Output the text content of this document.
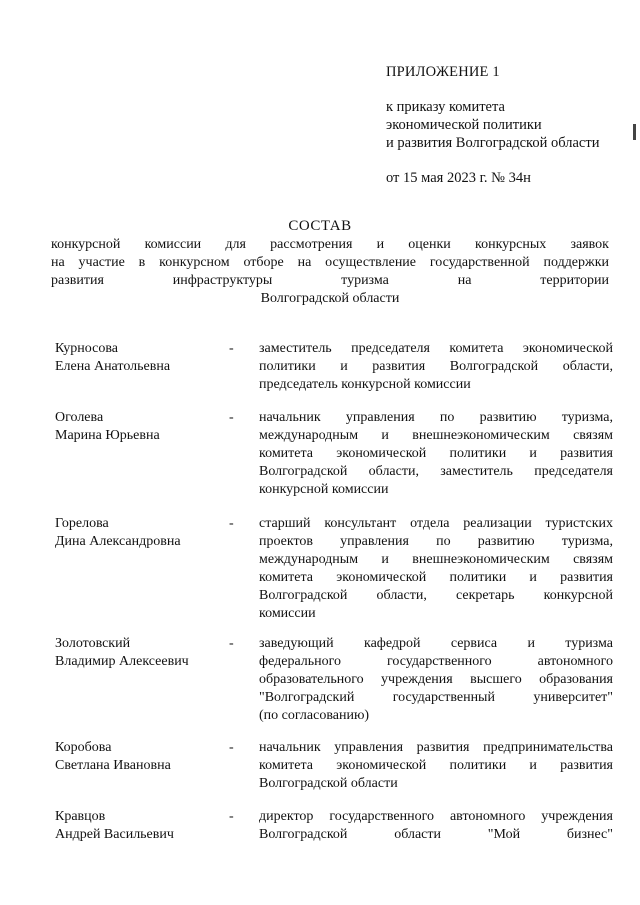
ПРИЛОЖЕНИЕ 1
к приказу комитета
экономической политики
и развития Волгоградской области
от 15 мая 2023 г. № 34н
СОСТАВ
конкурсной комиссии для рассмотрения и оценки конкурсных заявок
на участие в конкурсном отборе на осуществление государственной поддержки
развития инфраструктуры туризма на территории
Волгоградской области
Курносова
Елена Анатольевна
- заместитель председателя комитета экономической
политики и развития Волгоградской области,
председатель конкурсной комиссии
Оголева
Марина Юрьевна
- начальник управления по развитию туризма,
международным и внешнеэкономическим связям
комитета экономической политики и развития
Волгоградской области, заместитель председателя
конкурсной комиссии
Горелова
Дина Александровна
- старший консультант отдела реализации туристских
проектов управления по развитию туризма,
международным и внешнеэкономическим связям
комитета экономической политики и развития
Волгоградской области, секретарь конкурсной
комиссии
Золотовский
Владимир Алексеевич
- заведующий кафедрой сервиса и туризма
федерального государственного автономного
образовательного учреждения высшего образования
"Волгоградский государственный университет"
(по согласованию)
Коробова
Светлана Ивановна
- начальник управления развития предпринимательства
комитета экономической политики и развития
Волгоградской области
Кравцов
Андрей Васильевич
- директор государственного автономного учреждения
Волгоградской области "Мой бизнес"
